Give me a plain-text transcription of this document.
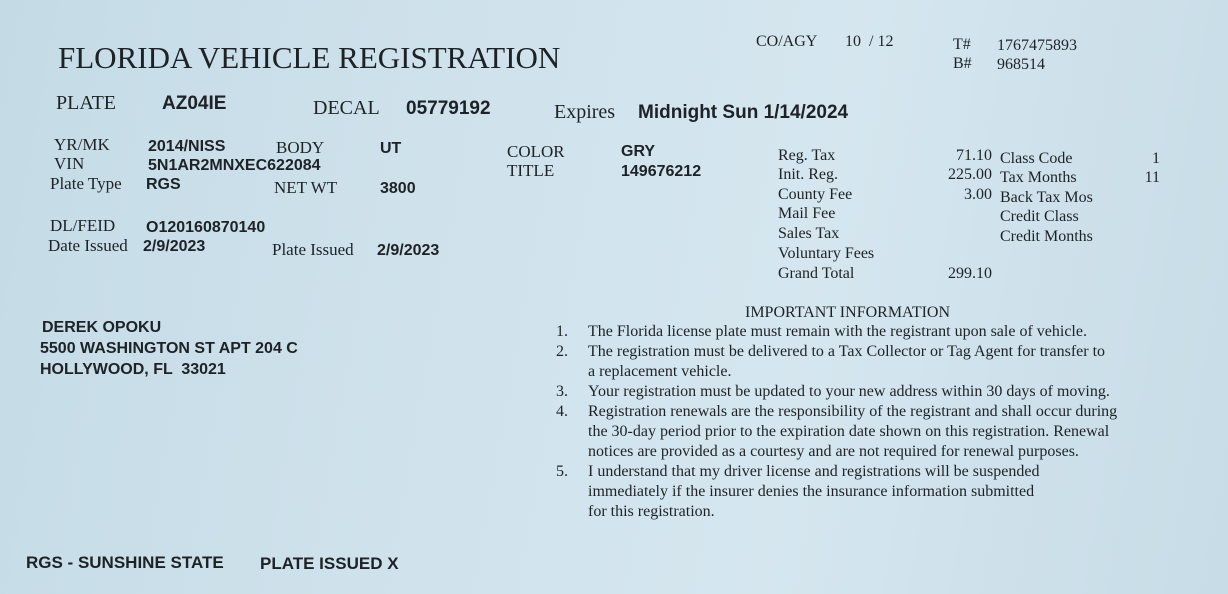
FLORIDA VEHICLE REGISTRATION	CO/AGY 10  / 12	T# 1767475893
B# 968514
PLATE AZ04IE	DECAL 05779192	Expires Midnight Sun 1/14/2024
YR/MK 2014/NISS	BODY	UT
VIN	5N1AR2MNXEC622084
Plate Type RGS	NET WT	3800
COLOR	GRY
TITLE	149676212
DL/FEID O120160870140
Date Issued 2/9/2023	Plate Issued 2/9/2023
Reg. Tax	71.10
Init. Reg.	225.00
County Fee	3.00
Mail Fee
Sales Tax
Voluntary Fees
Grand Total	299.10
Class Code	1
Tax Months	11
Back Tax Mos
Credit Class
Credit Months
DEREK OPOKU
5500 WASHINGTON ST APT 204 C
HOLLYWOOD, FL  33021
IMPORTANT INFORMATION
1. The Florida license plate must remain with the registrant upon sale of vehicle.
2. The registration must be delivered to a Tax Collector or Tag Agent for transfer to
a replacement vehicle.
3. Your registration must be updated to your new address within 30 days of moving.
4. Registration renewals are the responsibility of the registrant and shall occur during
the 30-day period prior to the expiration date shown on this registration. Renewal
notices are provided as a courtesy and are not required for renewal purposes.
5. I understand that my driver license and registrations will be suspended
immediately if the insurer denies the insurance information submitted
for this registration.
RGS - SUNSHINE STATE PLATE ISSUED X
